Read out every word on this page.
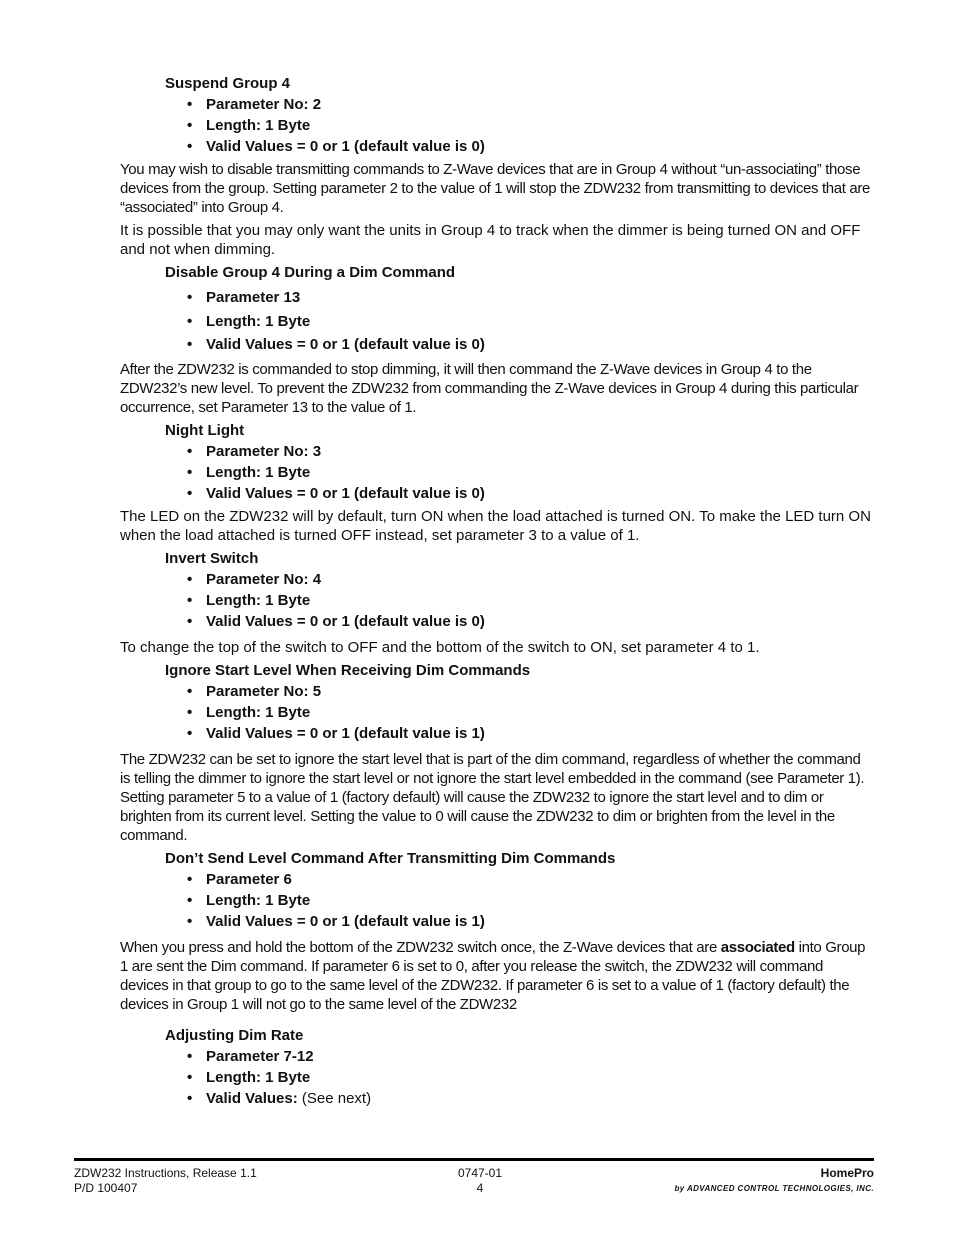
Suspend Group 4
• Parameter No: 2
• Length: 1 Byte
• Valid Values = 0 or 1 (default value is 0)

You may wish to disable transmitting commands to Z-Wave devices that are in Group 4 without “un-associating” those devices from the group. Setting parameter 2 to the value of 1 will stop the ZDW232 from transmitting to devices that are “associated” into Group 4.

It is possible that you may only want the units in Group 4 to track when the dimmer is being turned ON and OFF and not when dimming.

Disable Group 4 During a Dim Command
• Parameter 13
• Length: 1 Byte
• Valid Values = 0 or 1 (default value is 0)

After the ZDW232 is commanded to stop dimming, it will then command the Z-Wave devices in Group 4 to the ZDW232’s new level. To prevent the ZDW232 from commanding the Z-Wave devices in Group 4 during this particular occurrence, set Parameter 13 to the value of 1.

Night Light
• Parameter No: 3
• Length: 1 Byte
• Valid Values = 0 or 1 (default value is 0)

The LED on the ZDW232 will by default, turn ON when the load attached is turned ON. To make the LED turn ON when the load attached is turned OFF instead, set parameter 3 to a value of 1.

Invert Switch
• Parameter No: 4
• Length: 1 Byte
• Valid Values = 0 or 1 (default value is 0)

To change the top of the switch to OFF and the bottom of the switch to ON, set parameter 4 to 1.

Ignore Start Level When Receiving Dim Commands
• Parameter No: 5
• Length: 1 Byte
• Valid Values = 0 or 1 (default value is 1)

The ZDW232 can be set to ignore the start level that is part of the dim command, regardless of whether the command is telling the dimmer to ignore the start level or not ignore the start level embedded in the command (see Parameter 1). Setting parameter 5 to a value of 1 (factory default) will cause the ZDW232 to ignore the start level and to dim or brighten from its current level. Setting the value to 0 will cause the ZDW232 to dim or brighten from the level in the command.

Don’t Send Level Command After Transmitting Dim Commands
• Parameter 6
• Length: 1 Byte
• Valid Values = 0 or 1 (default value is 1)

When you press and hold the bottom of the ZDW232 switch once, the Z-Wave devices that are associated into Group 1 are sent the Dim command. If parameter 6 is set to 0, after you release the switch, the ZDW232 will command devices in that group to go to the same level of the ZDW232. If parameter 6 is set to a value of 1 (factory default) the devices in Group 1 will not go to the same level of the ZDW232

Adjusting Dim Rate
• Parameter 7-12
• Length: 1 Byte
• Valid Values: (See next)
ZDW232 Instructions, Release 1.1
P/D 100407
0747-01
4
HomePro
by ADVANCED CONTROL TECHNOLOGIES, INC.
